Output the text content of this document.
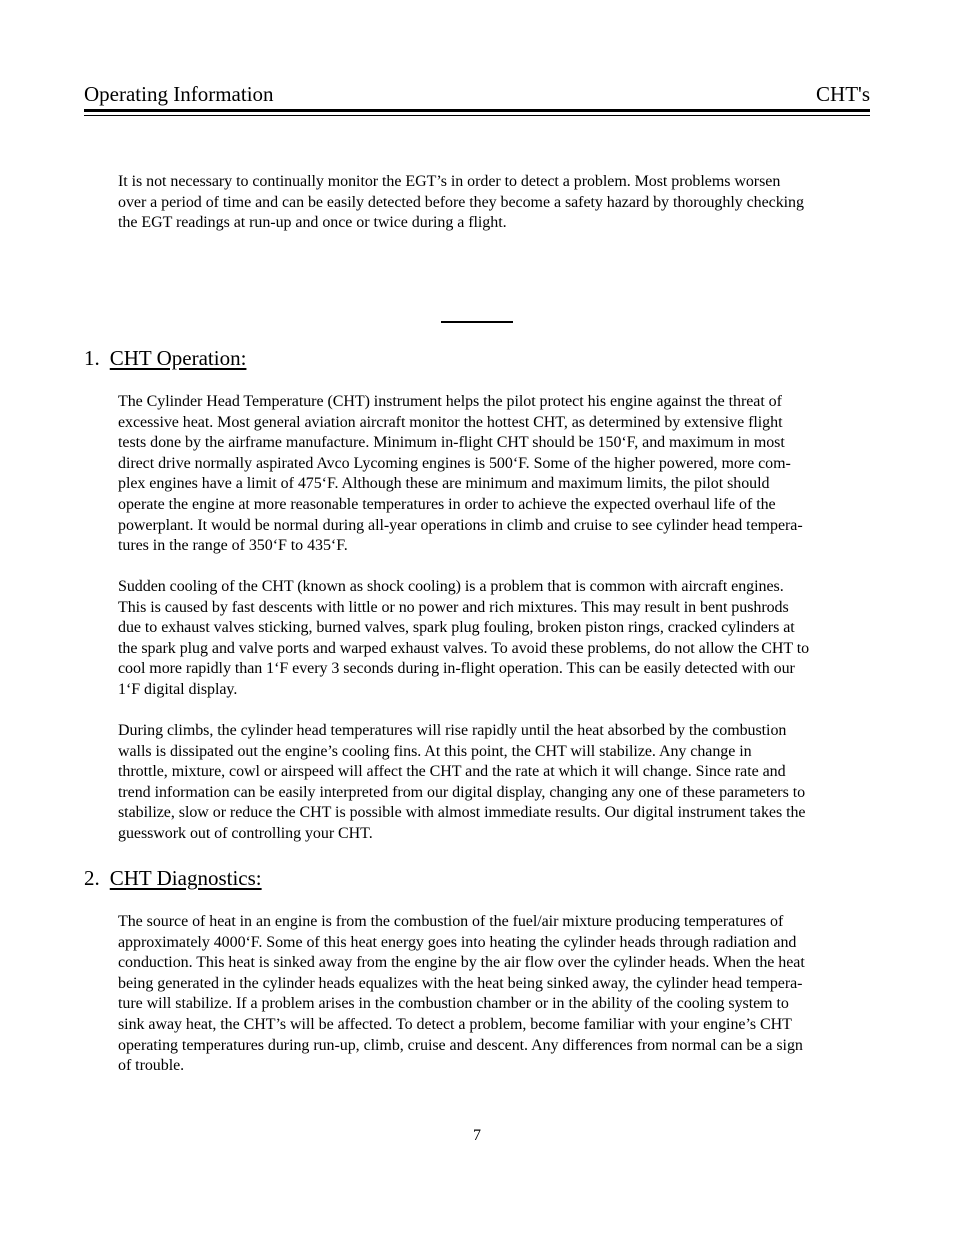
Operating Information	CHT's

It is not necessary to continually monitor the EGT’s in order to detect a problem. Most problems worsen
over a period of time and can be easily detected before they become a safety hazard by thoroughly checking
the EGT readings at run-up and once or twice during a flight.

1. CHT Operation:

The Cylinder Head Temperature (CHT) instrument helps the pilot protect his engine against the threat of
excessive heat. Most general aviation aircraft monitor the hottest CHT, as determined by extensive flight
tests done by the airframe manufacture. Minimum in-flight CHT should be 150‘F, and maximum in most
direct drive normally aspirated Avco Lycoming engines is 500‘F. Some of the higher powered, more com-
plex engines have a limit of 475‘F. Although these are minimum and maximum limits, the pilot should
operate the engine at more reasonable temperatures in order to achieve the expected overhaul life of the
powerplant. It would be normal during all-year operations in climb and cruise to see cylinder head tempera-
tures in the range of 350‘F to 435‘F.

Sudden cooling of the CHT (known as shock cooling) is a problem that is common with aircraft engines.
This is caused by fast descents with little or no power and rich mixtures. This may result in bent pushrods
due to exhaust valves sticking, burned valves, spark plug fouling, broken piston rings, cracked cylinders at
the spark plug and valve ports and warped exhaust valves. To avoid these problems, do not allow the CHT to
cool more rapidly than 1‘F every 3 seconds during in-flight operation. This can be easily detected with our
1‘F digital display.

During climbs, the cylinder head temperatures will rise rapidly until the heat absorbed by the combustion
walls is dissipated out the engine’s cooling fins. At this point, the CHT will stabilize. Any change in
throttle, mixture, cowl or airspeed will affect the CHT and the rate at which it will change. Since rate and
trend information can be easily interpreted from our digital display, changing any one of these parameters to
stabilize, slow or reduce the CHT is possible with almost immediate results. Our digital instrument takes the
guesswork out of controlling your CHT.

2. CHT Diagnostics:

The source of heat in an engine is from the combustion of the fuel/air mixture producing temperatures of
approximately 4000‘F. Some of this heat energy goes into heating the cylinder heads through radiation and
conduction. This heat is sinked away from the engine by the air flow over the cylinder heads. When the heat
being generated in the cylinder heads equalizes with the heat being sinked away, the cylinder head tempera-
ture will stabilize. If a problem arises in the combustion chamber or in the ability of the cooling system to
sink away heat, the CHT’s will be affected. To detect a problem, become familiar with your engine’s CHT
operating temperatures during run-up, climb, cruise and descent. Any differences from normal can be a sign
of trouble.

7
